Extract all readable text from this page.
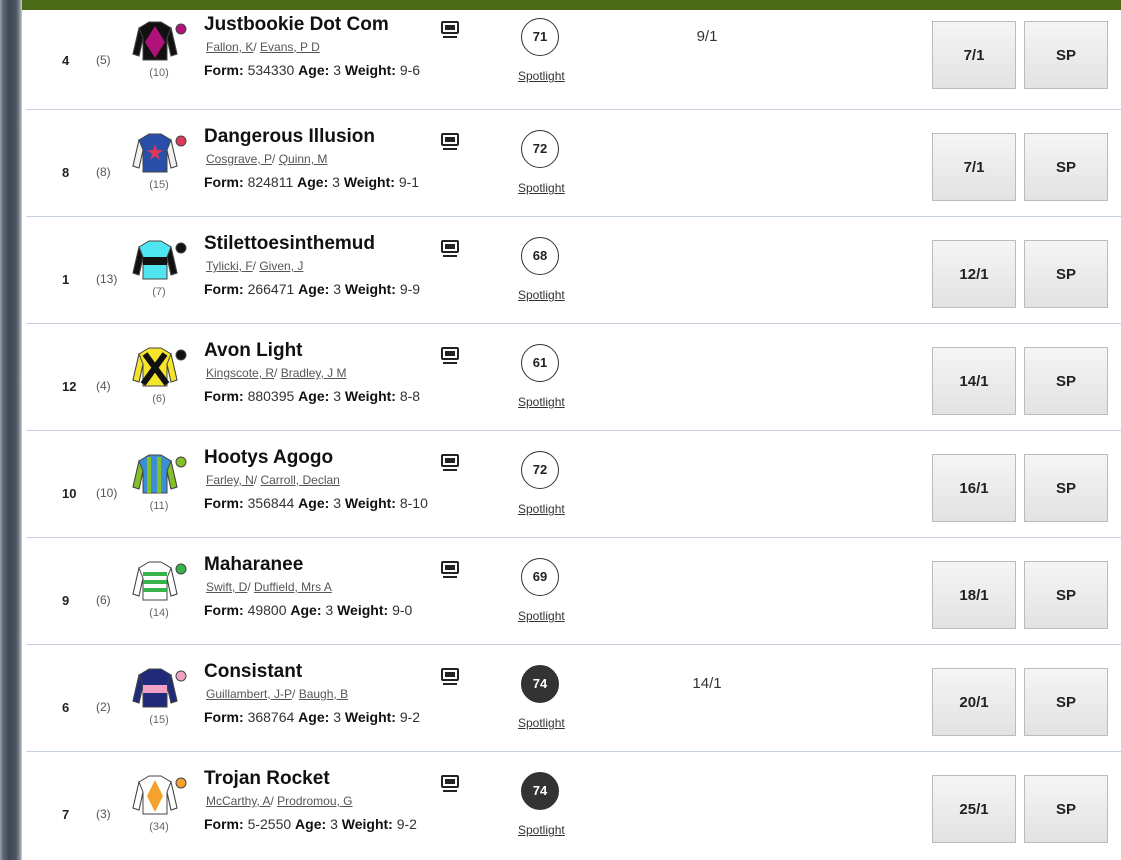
4 (5)
(10)
Justbookie Dot Com
Fallon, K/ Evans, P D
Form: 534330 Age: 3 Weight: 9-6
71
Spotlight
9/1
7/1	SP
8 (8)
(15)
Dangerous Illusion
Cosgrave, P/ Quinn, M
Form: 824811 Age: 3 Weight: 9-1
72
Spotlight
7/1	SP
1 (13)
(7)
Stilettoesinthemud
Tylicki, F/ Given, J
Form: 266471 Age: 3 Weight: 9-9
68
Spotlight
12/1	SP
12 (4)
(6)
Avon Light
Kingscote, R/ Bradley, J M
Form: 880395 Age: 3 Weight: 8-8
61
Spotlight
14/1	SP
10 (10)
(11)
Hootys Agogo
Farley, N/ Carroll, Declan
Form: 356844 Age: 3 Weight: 8-10
72
Spotlight
16/1	SP
9 (6)
(14)
Maharanee
Swift, D/ Duffield, Mrs A
Form: 49800 Age: 3 Weight: 9-0
69
Spotlight
18/1	SP
6 (2)
(15)
Consistant
Guillambert, J-P/ Baugh, B
Form: 368764 Age: 3 Weight: 9-2
74
Spotlight
14/1
20/1	SP
7 (3)
(34)
Trojan Rocket
McCarthy, A/ Prodromou, G
Form: 5-2550 Age: 3 Weight: 9-2
74
Spotlight
25/1	SP
